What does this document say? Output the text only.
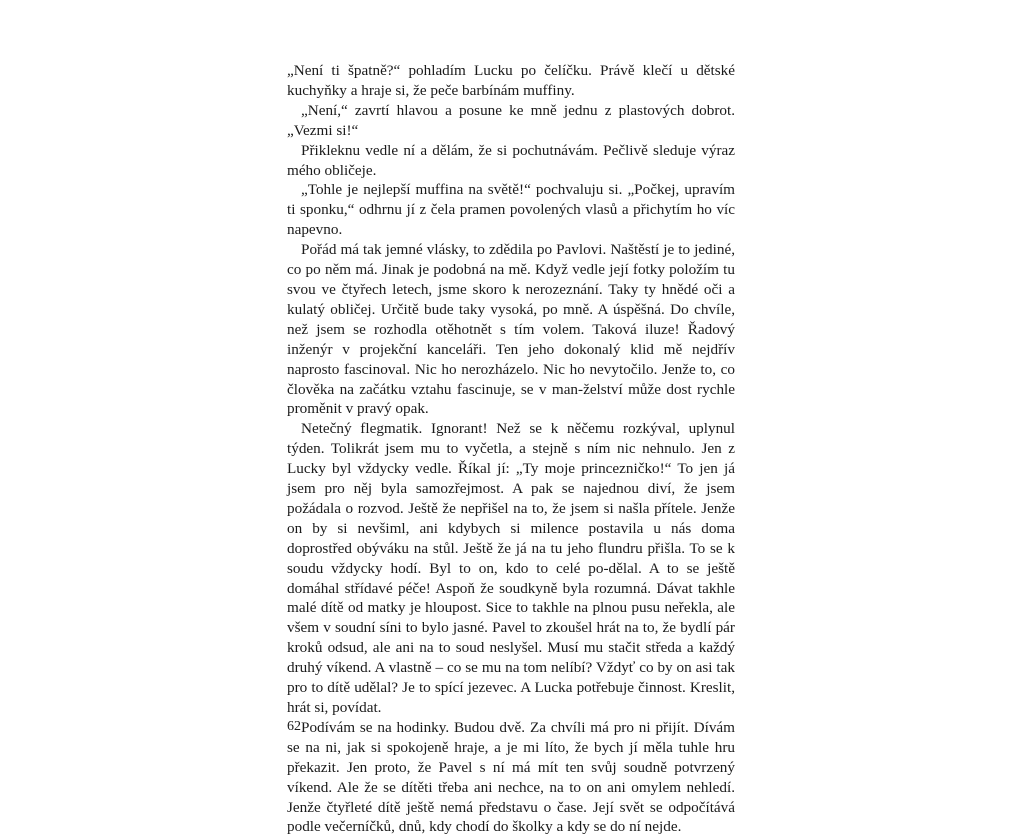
„Není ti špatně?“ pohladím Lucku po čelíčku. Právě klečí u dětské kuchyňky a hraje si, že peče barbínám muffiny.

„Není,“ zavrtí hlavou a posune ke mně jednu z plastových dobrot. „Vezmi si!“

Přikleknu vedle ní a dělám, že si pochutnávám. Pečlivě sleduje výraz mého obličeje.

„Tohle je nejlepší muffina na světě!“ pochvaluju si. „Počkej, upravím ti sponku,“ odhrnu jí z čela pramen povolených vlasů a přichytím ho víc napevno.

Pořád má tak jemné vlásky, to zdědila po Pavlovi. Naštěstí je to jediné, co po něm má. Jinak je podobná na mě. Když vedle její fotky položím tu svou ve čtyřech letech, jsme skoro k nerozeznání. Taky ty hnědé oči a kulatý obličej. Určitě bude taky vysoká, po mně. A úspěšná. Do chvíle, než jsem se rozhodla otěhotnět s tím volem. Taková iluze! Řadový inženýr v projekční kanceláři. Ten jeho dokonalý klid mě nejdřív naprosto fascinoval. Nic ho nerozházelo. Nic ho nevytočilo. Jenže to, co člověka na začátku vztahu fascinuje, se v man-želství může dost rychle proměnit v pravý opak.

Netečný flegmatik. Ignorant! Než se k něčemu rozkýval, uplynul týden. Tolikrát jsem mu to vyčetla, a stejně s ním nic nehnulo. Jen z Lucky byl vždycky vedle. Říkal jí: „Ty moje princezničko!“ To jen já jsem pro něj byla samozřejmost. A pak se najednou diví, že jsem požádala o rozvod. Ještě že nepřišel na to, že jsem si našla přítele. Jenže on by si nevšiml, ani kdybych si milence postavila u nás doma doprostřed obýváku na stůl. Ještě že já na tu jeho flundru přišla. To se k soudu vždycky hodí. Byl to on, kdo to celé po-dělal. A to se ještě domáhal střídavé péče! Aspoň že soudkyně byla rozumná. Dávat takhle malé dítě od matky je hloupost. Sice to takhle na plnou pusu neřekla, ale všem v soudní síni to bylo jasné. Pavel to zkoušel hrát na to, že bydlí pár kroků odsud, ale ani na to soud neslyšel. Musí mu stačit středa a každý druhý víkend. A vlastně – co se mu na tom nelíbí? Vždyť co by on asi tak pro to dítě udělal? Je to spící jezevec. A Lucka potřebuje činnost. Kreslit, hrát si, povídat.

Podívám se na hodinky. Budou dvě. Za chvíli má pro ni přijít. Dívám se na ni, jak si spokojeně hraje, a je mi líto, že bych jí měla tuhle hru překazit. Jen proto, že Pavel s ní má mít ten svůj soudně potvrzený víkend. Ale že se dítěti třeba ani nechce, na to on ani omylem nehledí. Jenže čtyřleté dítě ještě nemá představu o čase. Její svět se odpočítává podle večerníčků, dnů, kdy chodí do školky a kdy se do ní nejde.

62
